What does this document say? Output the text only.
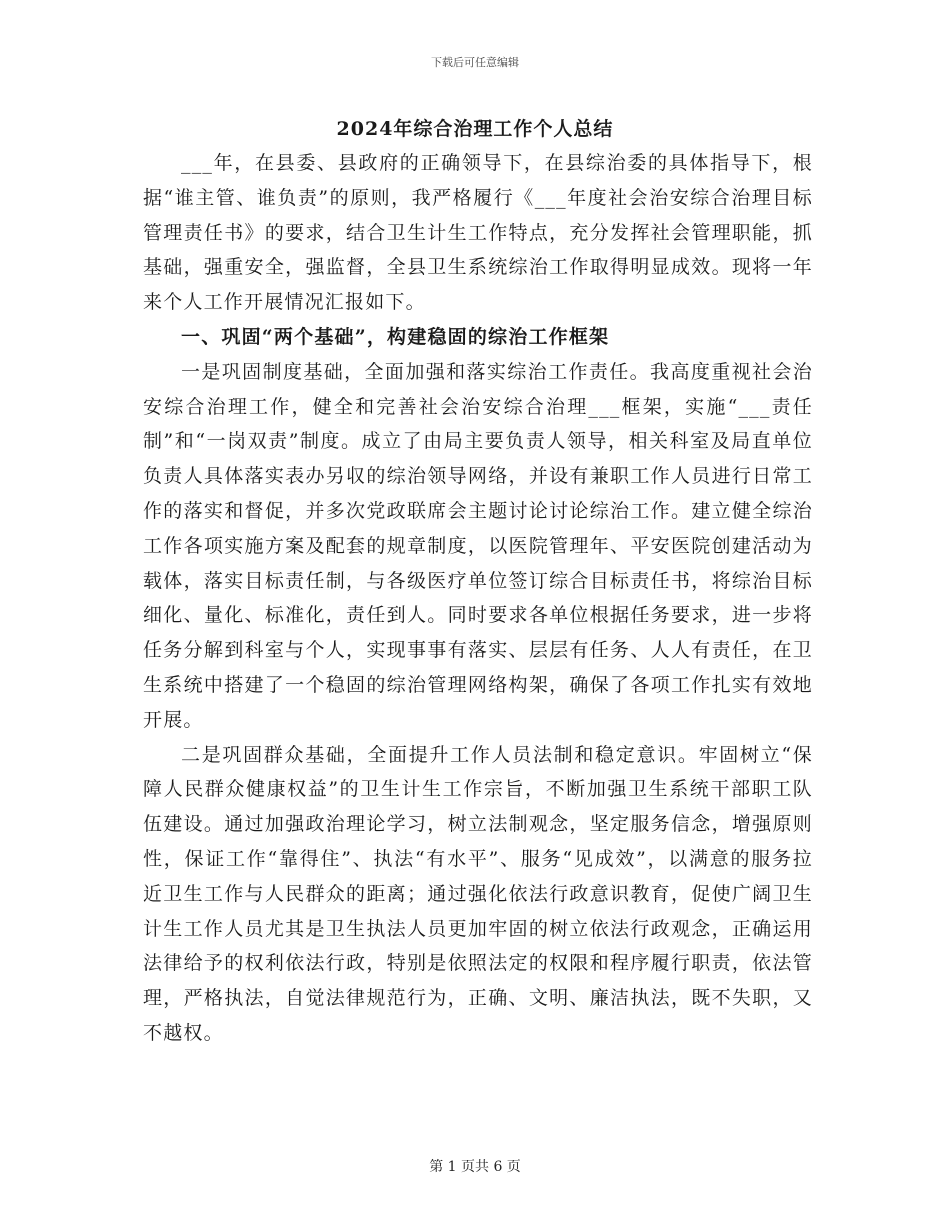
下载后可任意编辑
2024年综合治理工作个人总结

___年，在县委、县政府的正确领导下，在县综治委的具体指导下，根据“谁主管、谁负责”的原则，我严格履行《___年度社会治安综合治理目标管理责任书》的要求，结合卫生计生工作特点，充分发挥社会管理职能，抓基础，强重安全，强监督，全县卫生系统综治工作取得明显成效。现将一年来个人工作开展情况汇报如下。

一、巩固“两个基础”，构建稳固的综治工作框架

一是巩固制度基础，全面加强和落实综治工作责任。我高度重视社会治安综合治理工作，健全和完善社会治安综合治理___框架，实施“___责任制”和“一岗双责”制度。成立了由局主要负责人领导，相关科室及局直单位负责人具体落实表办另収的综治领导网络，并设有兼职工作人员进行日常工作的落实和督促，并多次党政联席会主题讨论讨论综治工作。建立健全综治工作各项实施方案及配套的规章制度，以医院管理年、平安医院创建活动为载体，落实目标责任制，与各级医疗单位签订综合目标责任书，将综治目标细化、量化、标准化，责任到人。同时要求各单位根据任务要求，进一步将任务分解到科室与个人，实现事事有落实、层层有任务、人人有责任，在卫生系统中搭建了一个稳固的综治管理网络构架，确保了各项工作扎实有效地开展。

二是巩固群众基础，全面提升工作人员法制和稳定意识。牢固树立“保障人民群众健康权益”的卫生计生工作宗旨，不断加强卫生系统干部职工队伍建设。通过加强政治理论学习，树立法制观念，坚定服务信念，增强原则性，保证工作“靠得住”、执法“有水平”、服务“见成效”，以满意的服务拉近卫生工作与人民群众的距离；通过强化依法行政意识教育，促使广阔卫生计生工作人员尤其是卫生执法人员更加牢固的树立依法行政观念，正确运用法律给予的权利依法行政，特别是依照法定的权限和程序履行职责，依法管理，严格执法，自觉法律规范行为，正确、文明、廉洁执法，既不失职，又不越权。

第 1 页共 6 页
